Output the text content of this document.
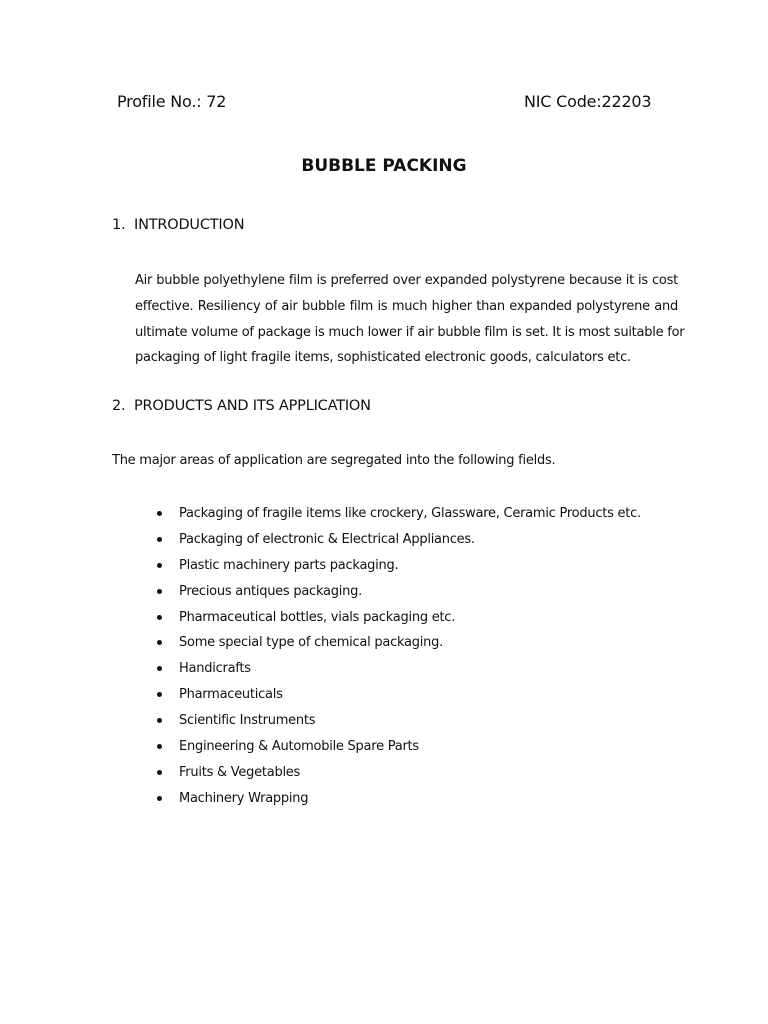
Profile No.: 72	NIC Code:22203
BUBBLE PACKING
1. INTRODUCTION
Air bubble polyethylene film is preferred over expanded polystyrene because it is cost
effective. Resiliency of air bubble film is much higher than expanded polystyrene and
ultimate volume of package is much lower if air bubble film is set. It is most suitable for
packaging of light fragile items, sophisticated electronic goods, calculators etc.
2. PRODUCTS AND ITS APPLICATION
The major areas of application are segregated into the following fields.
Packaging of fragile items like crockery, Glassware, Ceramic Products etc.
Packaging of electronic & Electrical Appliances.
Plastic machinery parts packaging.
Precious antiques packaging.
Pharmaceutical bottles, vials packaging etc.
Some special type of chemical packaging.
Handicrafts
Pharmaceuticals
Scientific Instruments
Engineering & Automobile Spare Parts
Fruits & Vegetables
Machinery Wrapping
